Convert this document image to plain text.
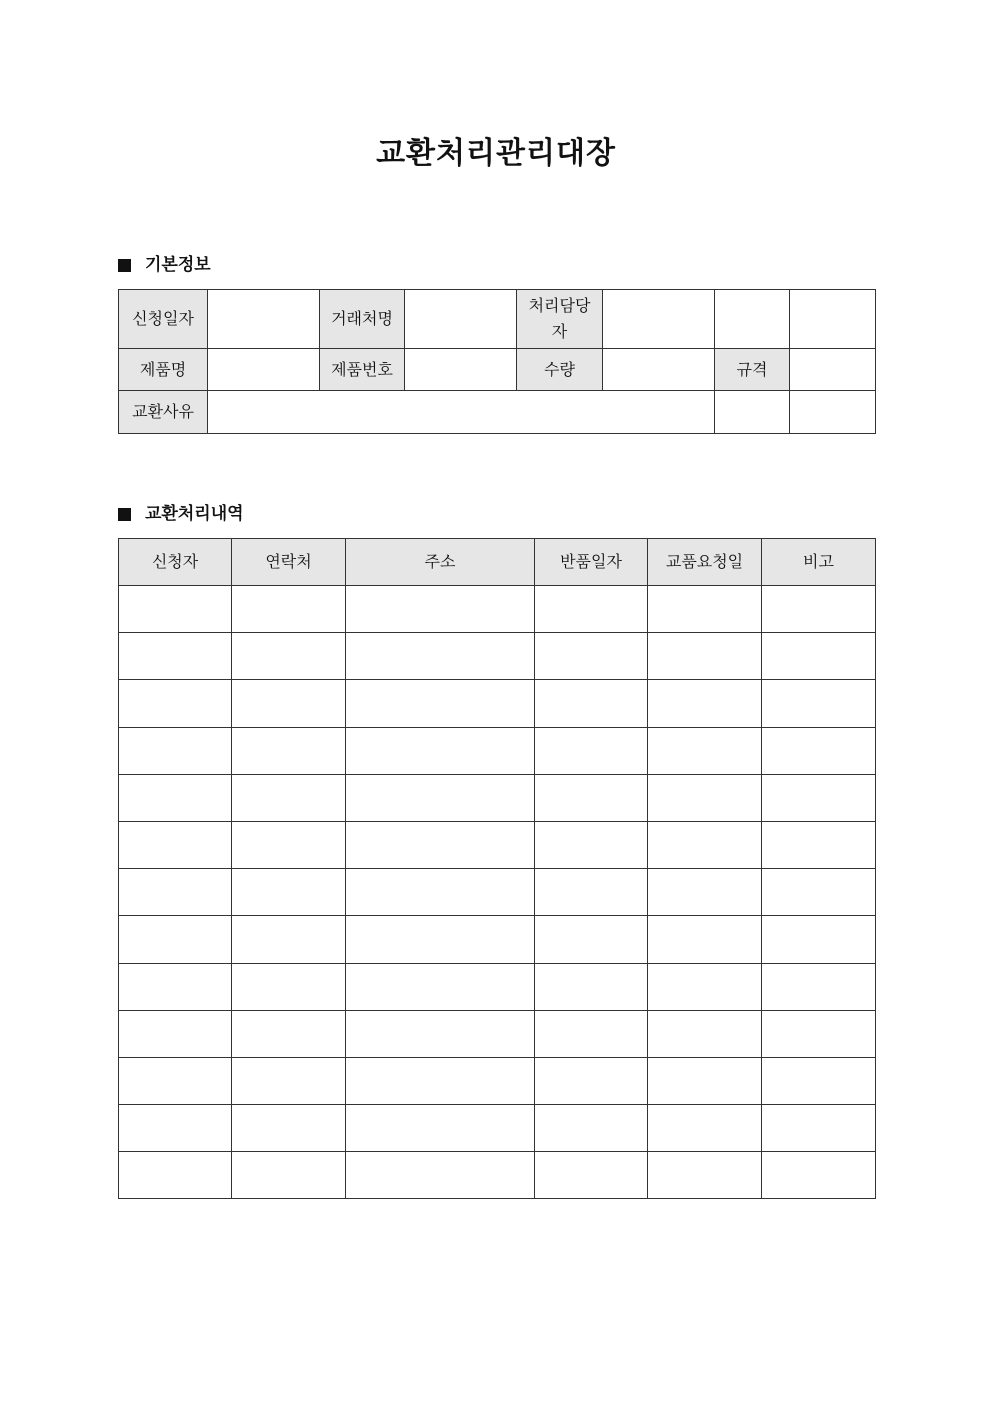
교환처리관리대장
기본정보
신청일자		거래처명		처리담당자			
제품명		제품번호		수량		규격	
교환사유							
교환처리내역
신청자	연락처	주소	반품일자	교품요청일	비고
